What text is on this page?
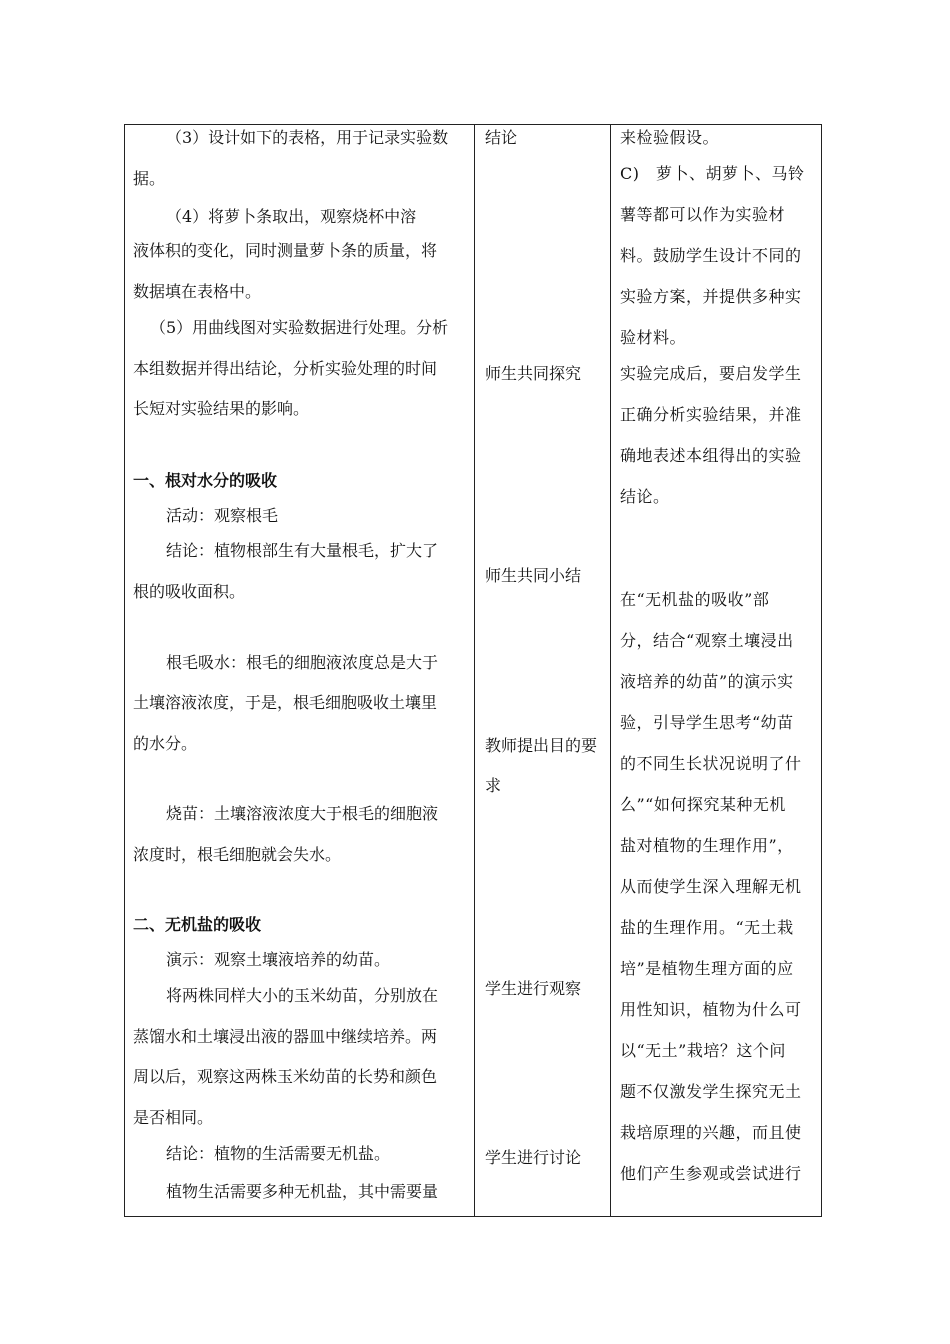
（3）设计如下的表格，用于记录实验数
据。
（4）将萝卜条取出，观察烧杯中溶
液体积的变化，同时测量萝卜条的质量，将
数据填在表格中。
（5）用曲线图对实验数据进行处理。分析
本组数据并得出结论，分析实验处理的时间
长短对实验结果的影响。
一、根对水分的吸收
活动：观察根毛
结论：植物根部生有大量根毛，扩大了
根的吸收面积。
根毛吸水：根毛的细胞液浓度总是大于
土壤溶液浓度，于是，根毛细胞吸收土壤里
的水分。
烧苗：土壤溶液浓度大于根毛的细胞液
浓度时，根毛细胞就会失水。
二、无机盐的吸收
演示：观察土壤液培养的幼苗。
将两株同样大小的玉米幼苗，分别放在
蒸馏水和土壤浸出液的器皿中继续培养。两
周以后，观察这两株玉米幼苗的长势和颜色
是否相同。
结论：植物的生活需要无机盐。
植物生活需要多种无机盐，其中需要量
结论
师生共同探究
师生共同小结
教师提出目的要
求
学生进行观察
学生进行讨论
来检验假设。
C)　萝卜、胡萝卜、马铃
薯等都可以作为实验材
料。鼓励学生设计不同的
实验方案，并提供多种实
验材料。
实验完成后，要启发学生
正确分析实验结果，并准
确地表述本组得出的实验
结论。
在“无机盐的吸收”部
分，结合“观察土壤浸出
液培养的幼苗”的演示实
验，引导学生思考“幼苗
的不同生长状况说明了什
么”“如何探究某种无机
盐对植物的生理作用”，
从而使学生深入理解无机
盐的生理作用。“无土栽
培”是植物生理方面的应
用性知识，植物为什么可
以“无土”栽培？这个问
题不仅激发学生探究无土
栽培原理的兴趣，而且使
他们产生参观或尝试进行
